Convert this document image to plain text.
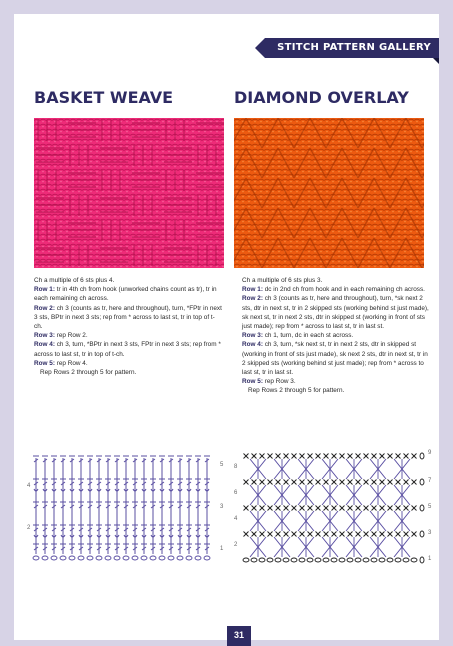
STITCH PATTERN GALLERY
BASKET WEAVE

Ch a multiple of 6 sts plus 4.

Row 1: tr in 4th ch from hook (unworked chains count as tr), tr in each remaining ch across.

Row 2: ch 3 (counts as tr, here and throughout), turn, *FPtr in next 3 sts, BPtr in next 3 sts; rep from * across to last st, tr in top of t-ch.

Row 3: rep Row 2.

Row 4: ch 3, turn, *BPtr in next 3 sts, FPtr in next 3 sts; rep from * across to last st, tr in top of t-ch.

Row 5: rep Row 4.

Rep Rows 2 through 5 for pattern.

5
4
3
2
1
DIAMOND OVERLAY

Ch a multiple of 6 sts plus 3.

Row 1: dc in 2nd ch from hook and in each remaining ch across.

Row 2: ch 3 (counts as tr, here and throughout), turn, *sk next 2 sts, dtr in next st, tr in 2 skipped sts (working behind st just made), sk next st, tr in next 2 sts, dtr in skipped st (working in front of sts just made); rep from * across to last st, tr in last st.

Row 3: ch 1, turn, dc in each st across.

Row 4: ch 3, turn, *sk next st, tr in next 2 sts, dtr in skipped st (working in front of sts just made), sk next 2 sts, dtr in next st, tr in 2 skipped sts (working behind st just made); rep from * across to last st, tr in last st.

Row 5: rep Row 3.

Rep Rows 2 through 5 for pattern.

9
8
7
6
5
4
3
2
1
31
